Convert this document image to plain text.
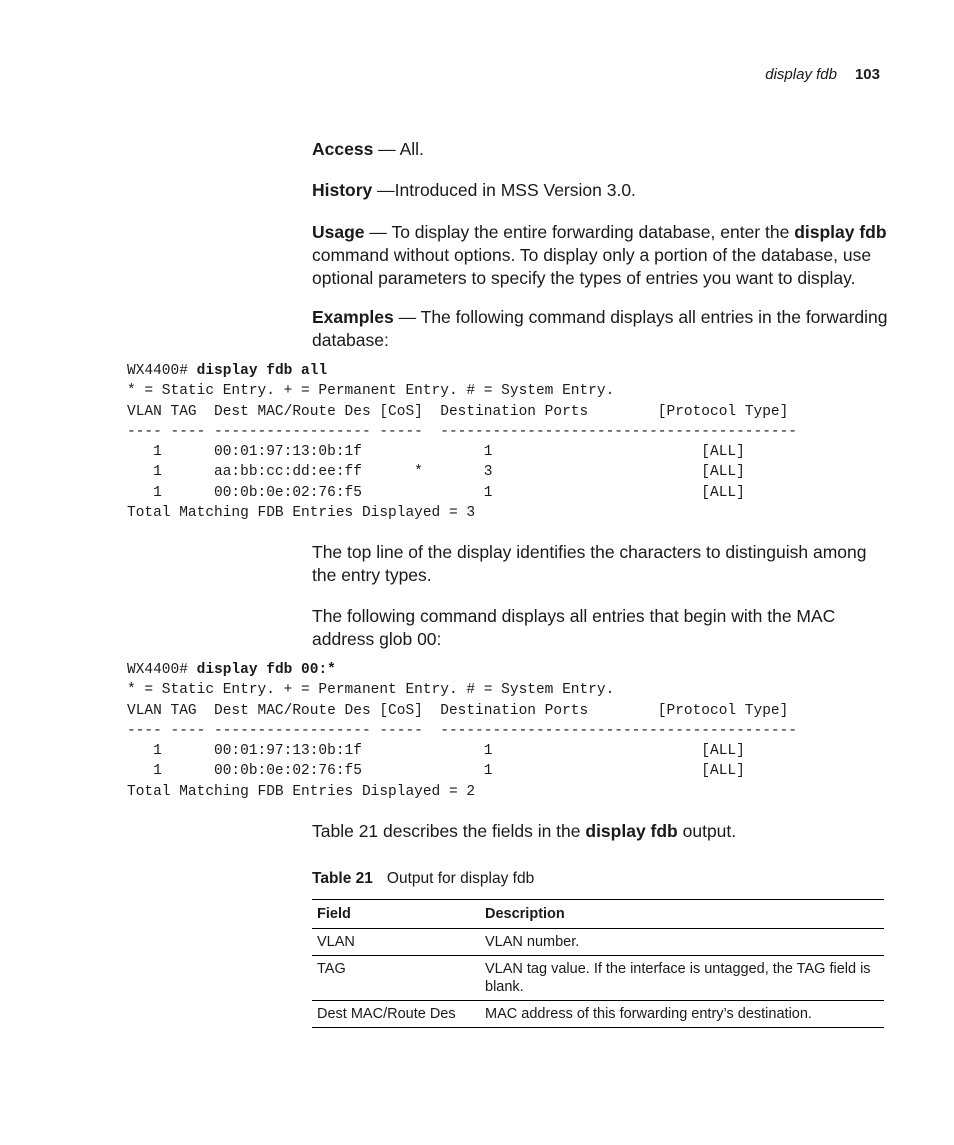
display fdb 103

Access — All.

History —Introduced in MSS Version 3.0.

Usage — To display the entire forwarding database, enter the display fdb command without options. To display only a portion of the database, use optional parameters to specify the types of entries you want to display.

Examples — The following command displays all entries in the forwarding database:

WX4400# display fdb all
* = Static Entry. + = Permanent Entry. # = System Entry.
VLAN TAG  Dest MAC/Route Des [CoS]  Destination Ports        [Protocol Type]
---- ---- ------------------ -----  -----------------------------------------
1      00:01:97:13:0b:1f              1                        [ALL]
1      aa:bb:cc:dd:ee:ff      *       3                        [ALL]
1      00:0b:0e:02:76:f5              1                        [ALL]
Total Matching FDB Entries Displayed = 3

The top line of the display identifies the characters to distinguish among the entry types.

The following command displays all entries that begin with the MAC address glob 00:

WX4400# display fdb 00:*
* = Static Entry. + = Permanent Entry. # = System Entry.
VLAN TAG  Dest MAC/Route Des [CoS]  Destination Ports        [Protocol Type]
---- ---- ------------------ -----  -----------------------------------------
1      00:01:97:13:0b:1f              1                        [ALL]
1      00:0b:0e:02:76:f5              1                        [ALL]
Total Matching FDB Entries Displayed = 2

Table 21 describes the fields in the display fdb output.

Table 21 Output for display fdb
Field	Description
VLAN	VLAN number.
TAG	VLAN tag value. If the interface is untagged, the TAG field is blank.
Dest MAC/Route Des	MAC address of this forwarding entry’s destination.
